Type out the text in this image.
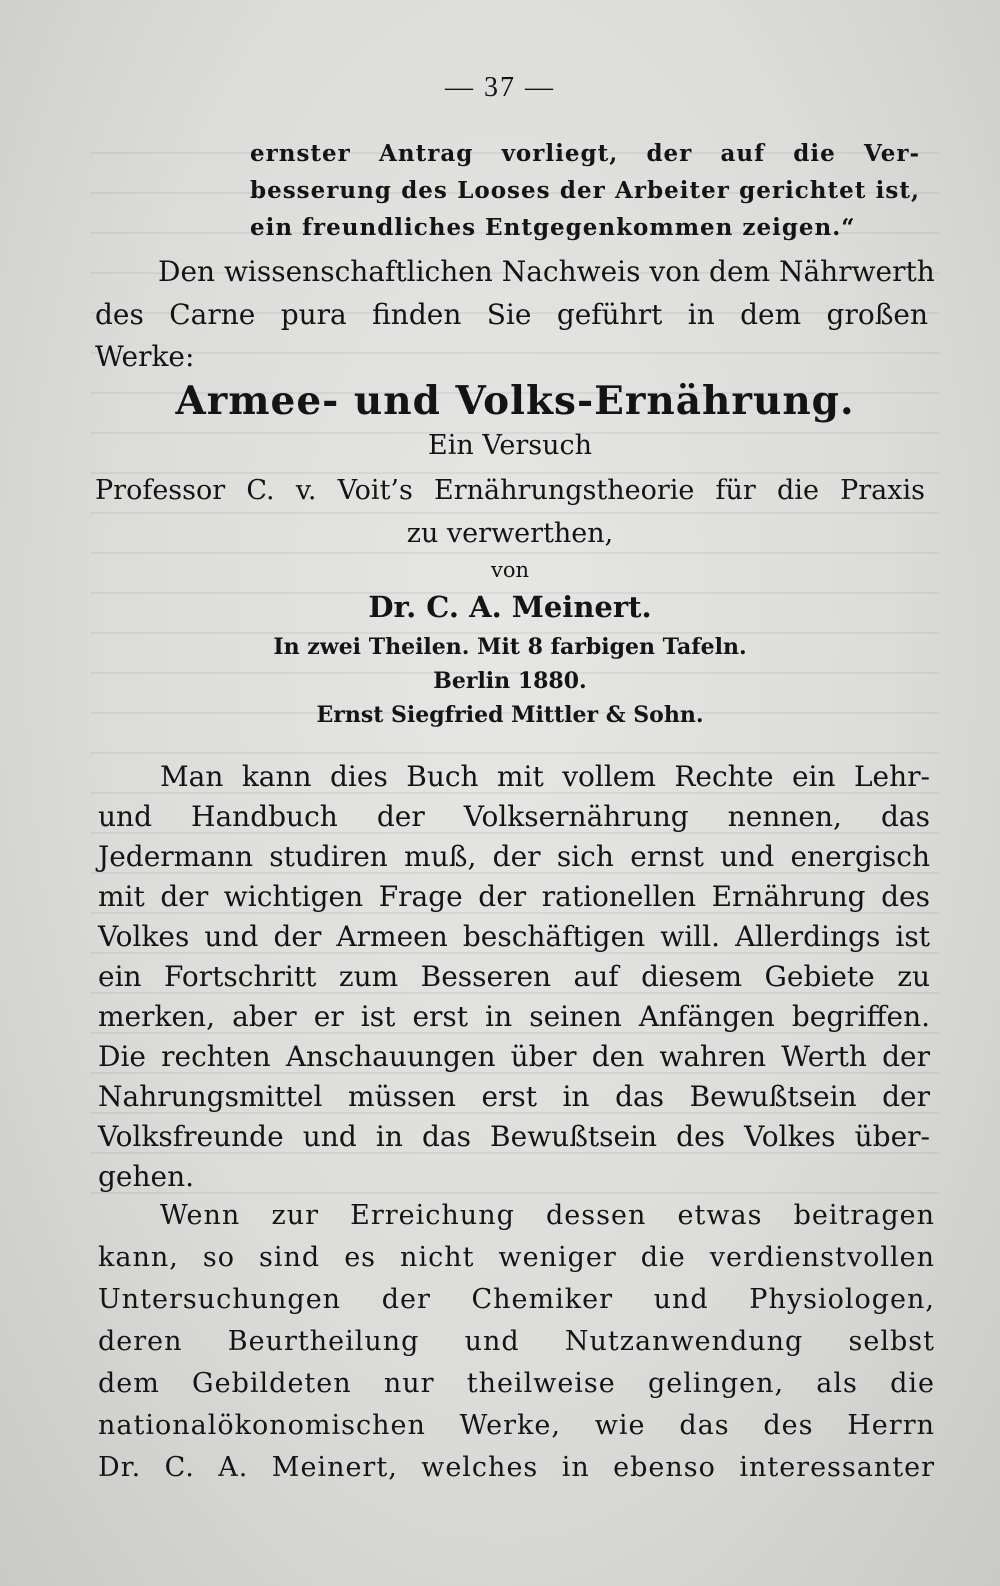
— 37 —
ernster Antrag vorliegt, der auf die Ver-
besserung des Looses der Arbeiter gerichtet ist,
ein freundliches Entgegenkommen zeigen.“
Den wissenschaftlichen Nachweis von dem Nährwerth
des Carne pura finden Sie geführt in dem großen
Werke:
Armee- und Volks-Ernährung.
Ein Versuch
Professor C. v. Voit’s Ernährungstheorie für die Praxis
zu verwerthen,
von
Dr. C. A. Meinert.
In zwei Theilen. Mit 8 farbigen Tafeln.
Berlin 1880.
Ernst Siegfried Mittler & Sohn.
Man kann dies Buch mit vollem Rechte ein Lehr-
und Handbuch der Volksernährung nennen, das
Jedermann studiren muß, der sich ernst und energisch
mit der wichtigen Frage der rationellen Ernährung des
Volkes und der Armeen beschäftigen will. Allerdings ist
ein Fortschritt zum Besseren auf diesem Gebiete zu
merken, aber er ist erst in seinen Anfängen begriffen.
Die rechten Anschauungen über den wahren Werth der
Nahrungsmittel müssen erst in das Bewußtsein der
Volksfreunde und in das Bewußtsein des Volkes über-
gehen.
Wenn zur Erreichung dessen etwas beitragen
kann, so sind es nicht weniger die verdienstvollen
Untersuchungen der Chemiker und Physiologen,
deren Beurtheilung und Nutzanwendung selbst
dem Gebildeten nur theilweise gelingen, als die
nationalökonomischen Werke, wie das des Herrn
Dr. C. A. Meinert, welches in ebenso interessanter
